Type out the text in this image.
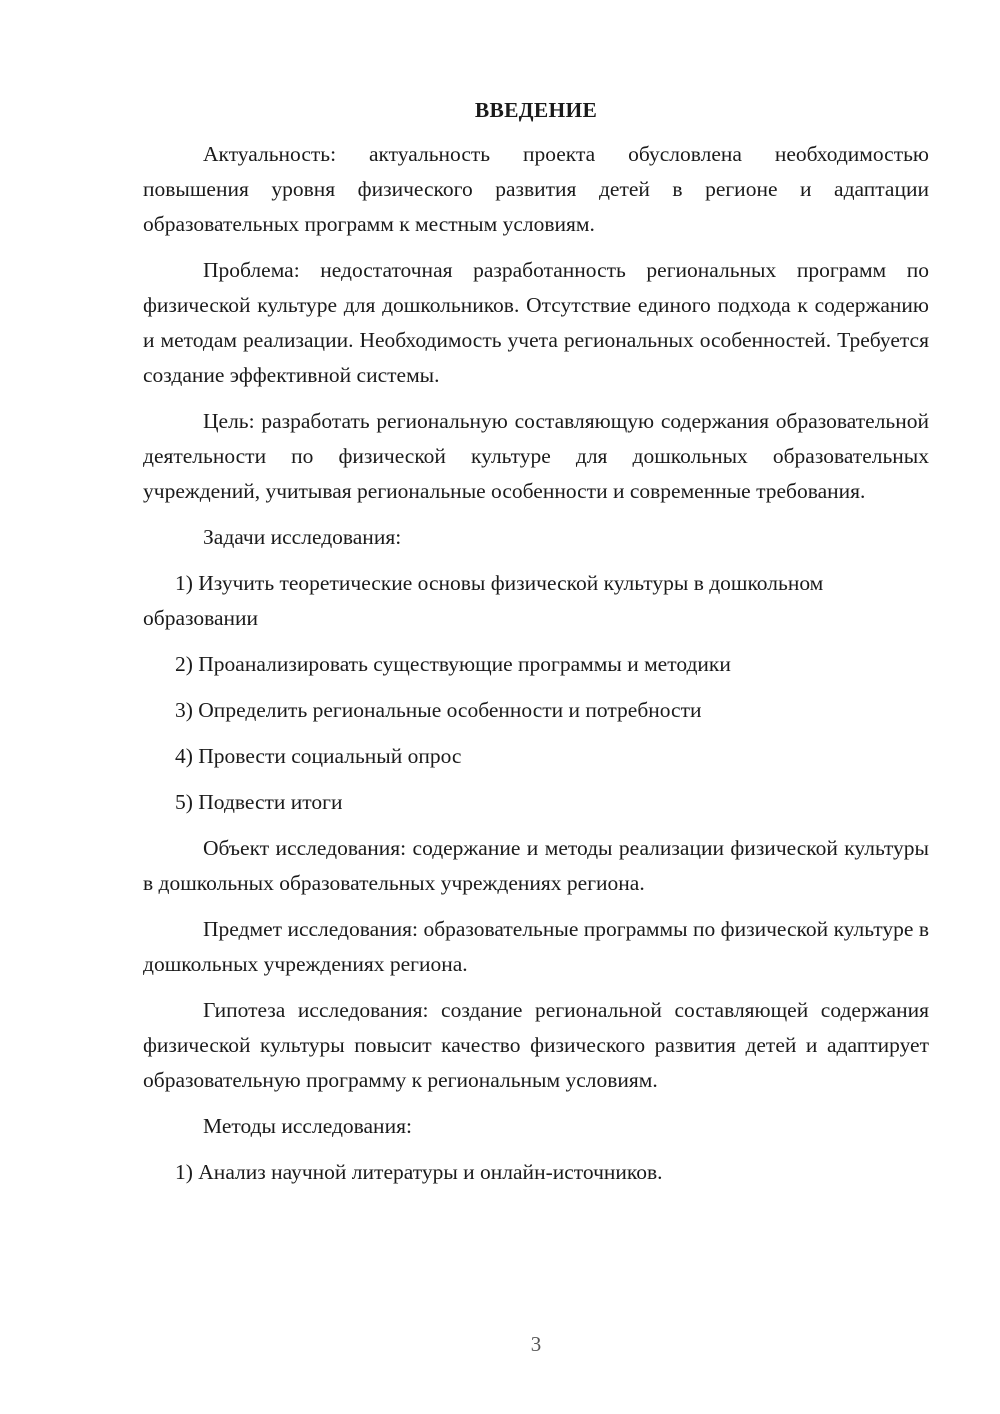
ВВЕДЕНИЕ

Актуальность: актуальность проекта обусловлена необходимостью повышения уровня физического развития детей в регионе и адаптации образовательных программ к местным условиям.

Проблема: недостаточная разработанность региональных программ по физической культуре для дошкольников. Отсутствие единого подхода к содержанию и методам реализации. Необходимость учета региональных особенностей. Требуется создание эффективной системы.

Цель: разработать региональную составляющую содержания образовательной деятельности по физической культуре для дошкольных образовательных учреждений, учитывая региональные особенности и современные требования.

Задачи исследования:

1) Изучить теоретические основы физической культуры в дошкольном образовании

2) Проанализировать существующие программы и методики

3) Определить региональные особенности и потребности

4) Провести социальный опрос

5) Подвести итоги

Объект исследования: содержание и методы реализации физической культуры в дошкольных образовательных учреждениях региона.

Предмет исследования: образовательные программы по физической культуре в дошкольных учреждениях региона.

Гипотеза исследования: создание региональной составляющей содержания физической культуры повысит качество физического развития детей и адаптирует образовательную программу к региональным условиям.

Методы исследования:

1) Анализ научной литературы и онлайн-источников.

3
